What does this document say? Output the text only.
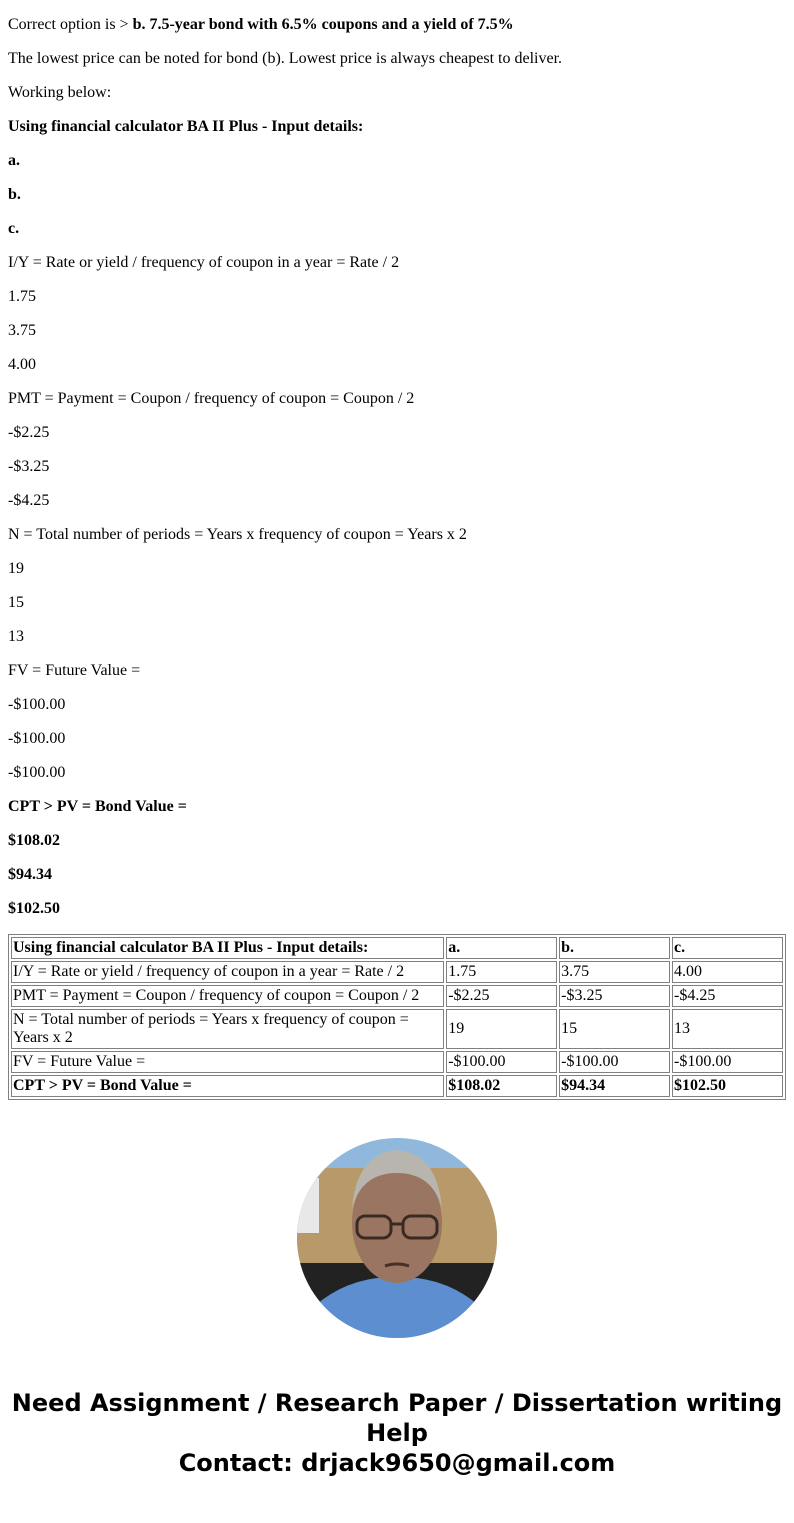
Correct option is > b. 7.5-year bond with 6.5% coupons and a yield of 7.5%

The lowest price can be noted for bond (b). Lowest price is always cheapest to deliver.

Working below:

Using financial calculator BA II Plus - Input details:

a.

b.

c.

I/Y = Rate or yield / frequency of coupon in a year = Rate / 2

1.75

3.75

4.00

PMT = Payment = Coupon / frequency of coupon = Coupon / 2

-$2.25

-$3.25

-$4.25

N = Total number of periods = Years x frequency of coupon = Years x 2

19

15

13

FV = Future Value =

-$100.00

-$100.00

-$100.00

CPT > PV = Bond Value =

$108.02

$94.34

$102.50

Using financial calculator BA II Plus - Input details:	a.	b.	c.
I/Y = Rate or yield / frequency of coupon in a year = Rate / 2	1.75	3.75	4.00
PMT = Payment = Coupon / frequency of coupon = Coupon / 2	-$2.25	-$3.25	-$4.25
N = Total number of periods = Years x frequency of coupon = Years x 2	19	15	13
FV = Future Value =	-$100.00	-$100.00	-$100.00
CPT > PV = Bond Value =	$108.02	$94.34	$102.50
Need Assignment / Research Paper / Dissertation writing Help
Contact: drjack9650@gmail.com
